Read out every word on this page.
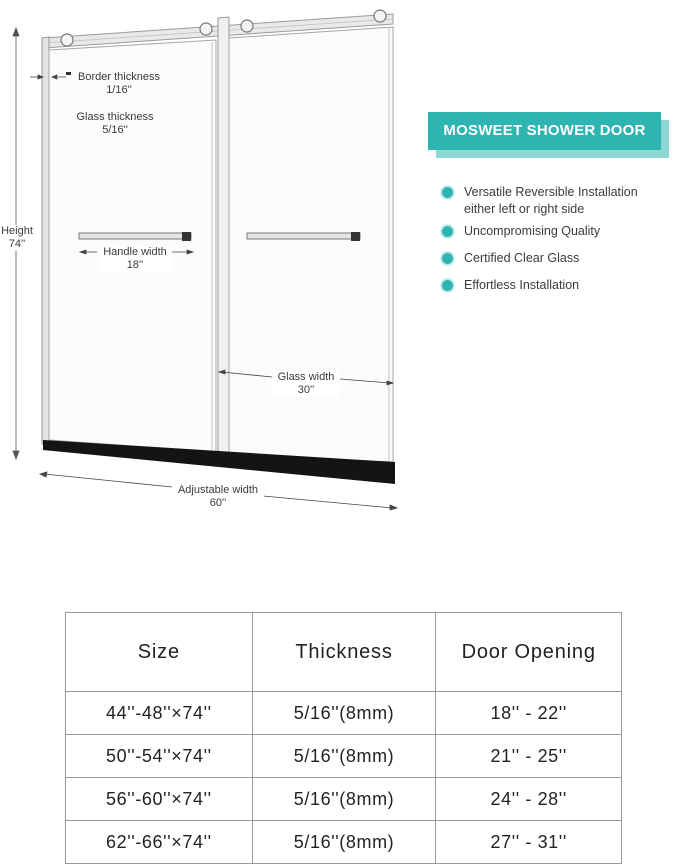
Border thickness
1/16''
Glass thickness
5/16''
Handle width
18''
Height
74''
Glass width
30''
Adjustable width
60''
MOSWEET SHOWER DOOR
Versatile Reversible Installation
either left or right side
Uncompromising Quality
Certified Clear Glass
Effortless Installation
Size	Thickness	Door Opening
44''-48''×74''	5/16''(8mm)	18'' - 22''
50''-54''×74''	5/16''(8mm)	21'' - 25''
56''-60''×74''	5/16''(8mm)	24'' - 28''
62''-66''×74''	5/16''(8mm)	27'' - 31''
